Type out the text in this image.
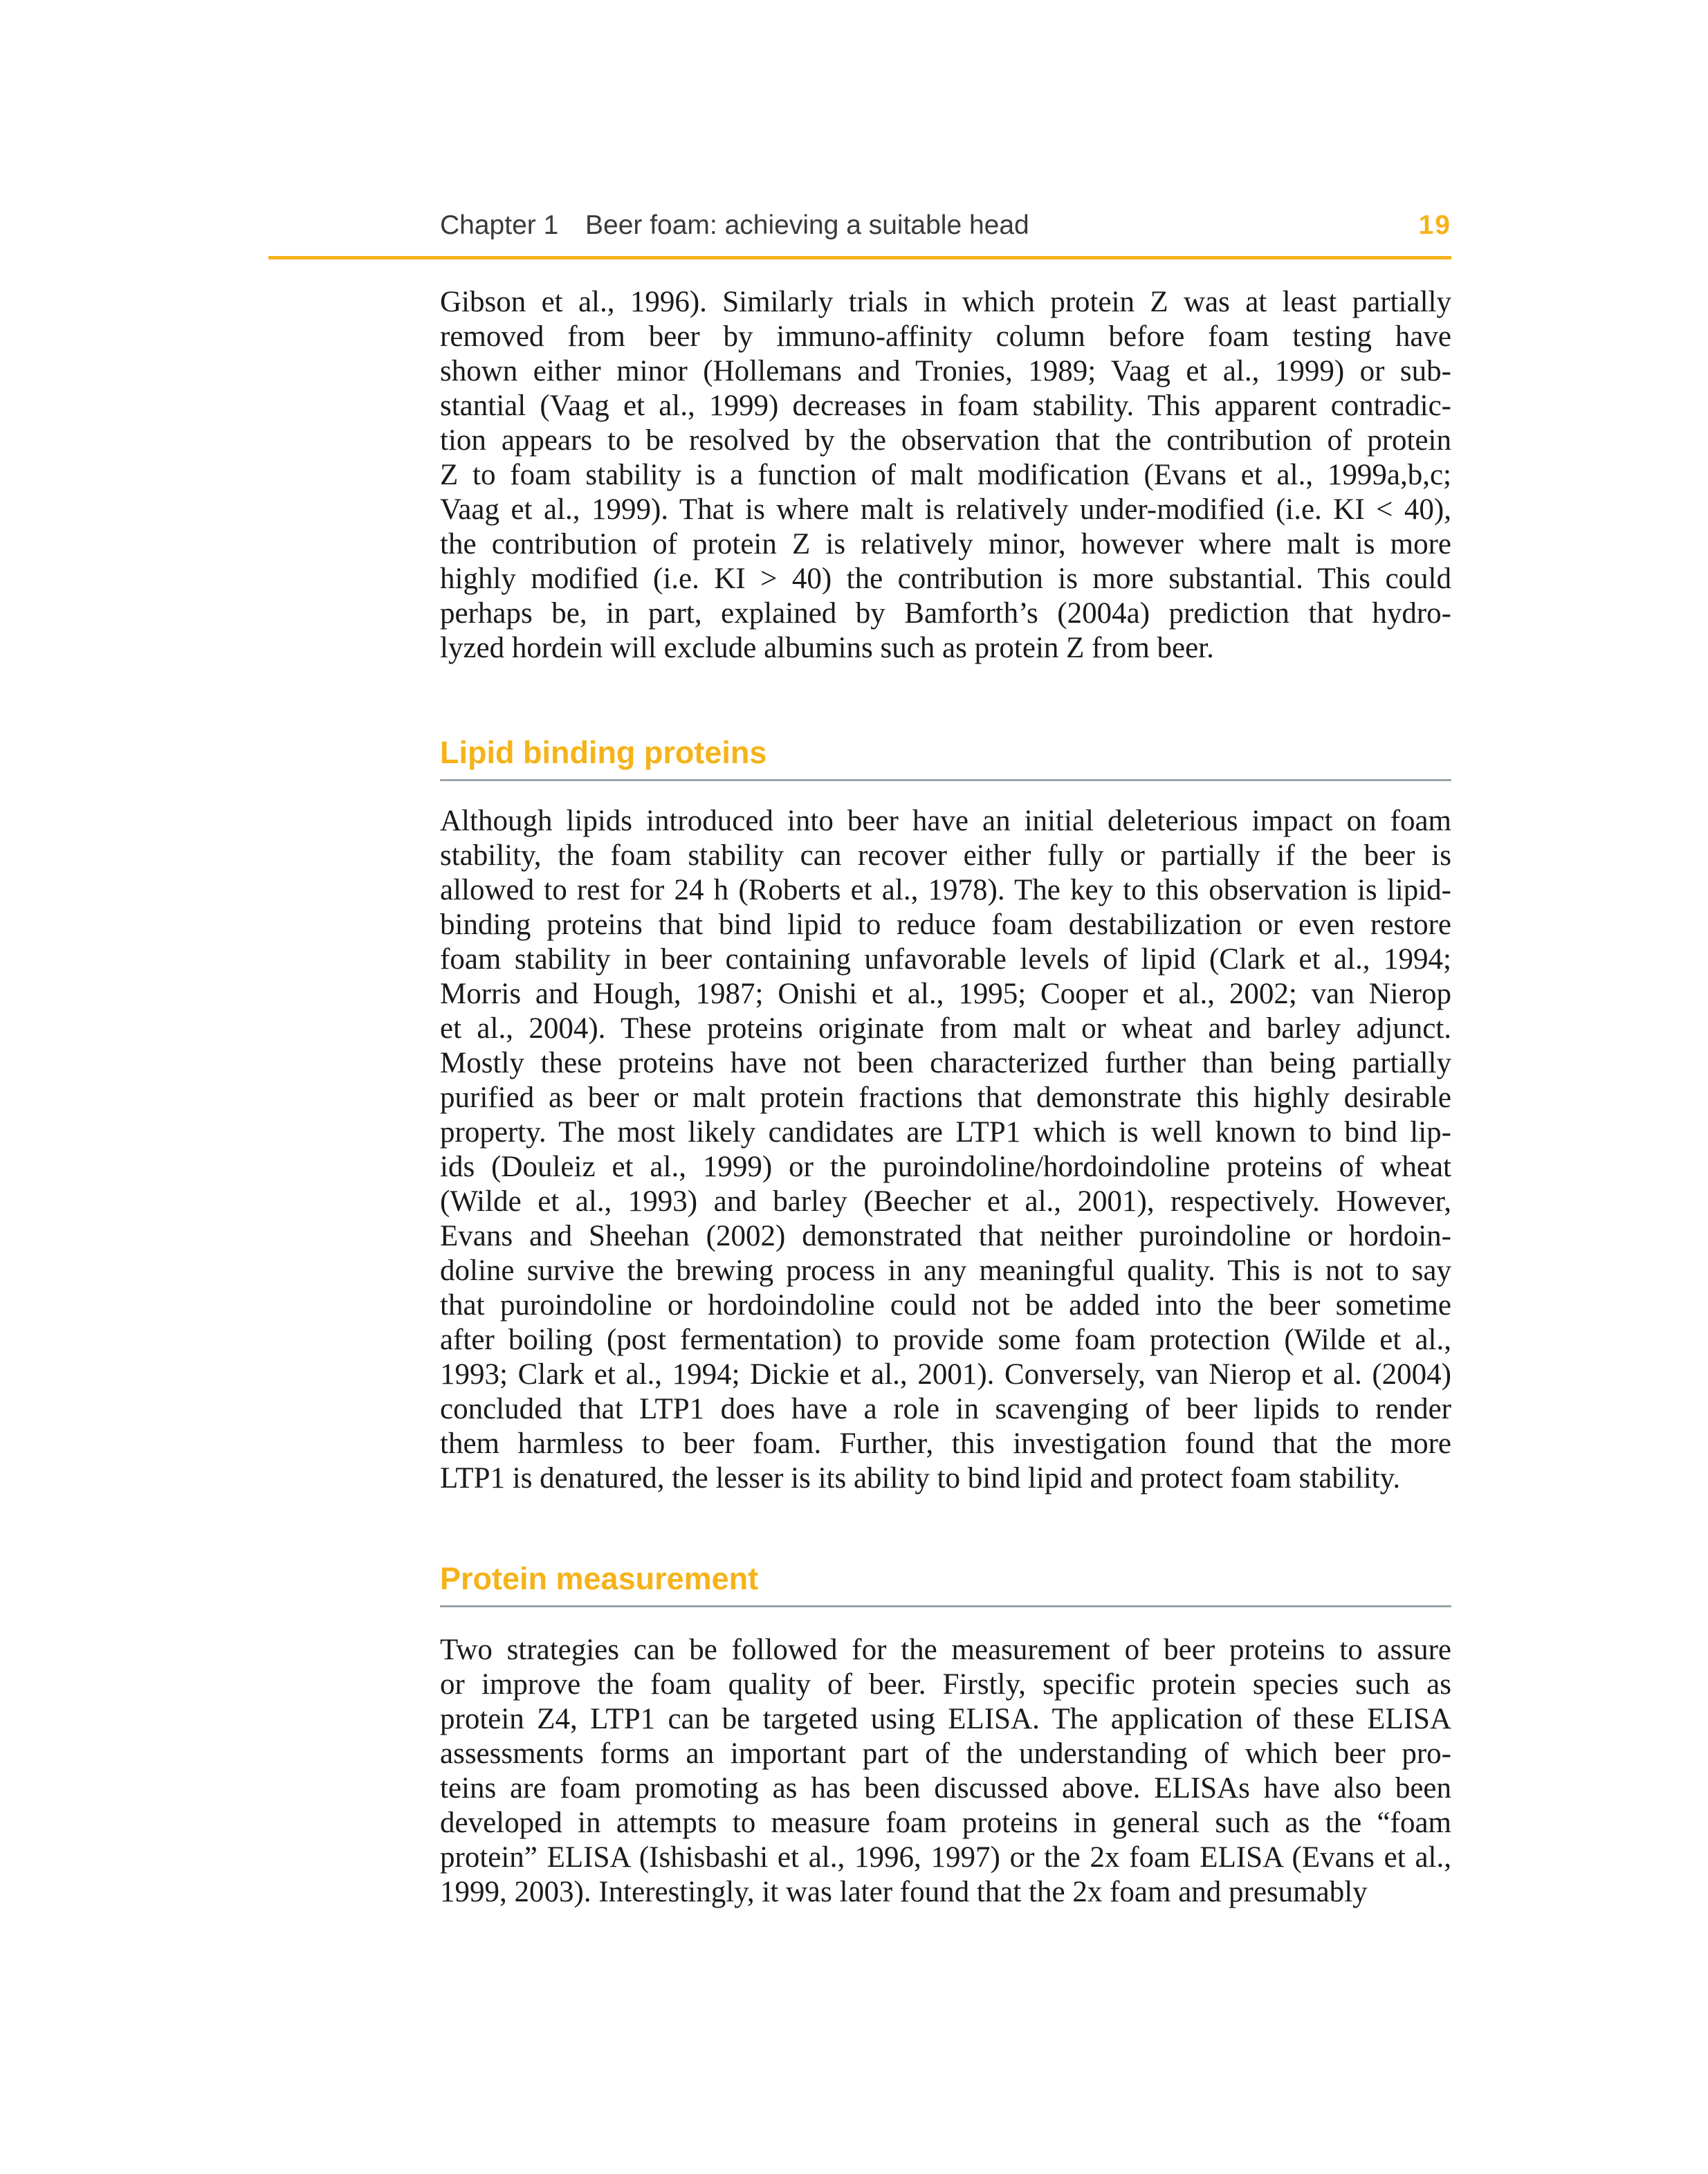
Chapter 1 Beer foam: achieving a suitable head	19
Gibson et al., 1996). Similarly trials in which protein Z was at least partially
removed from beer by immuno-affinity column before foam testing have
shown either minor (Hollemans and Tronies, 1989; Vaag et al., 1999) or sub-
stantial (Vaag et al., 1999) decreases in foam stability. This apparent contradic-
tion appears to be resolved by the observation that the contribution of protein
Z to foam stability is a function of malt modification (Evans et al., 1999a,b,c;
Vaag et al., 1999). That is where malt is relatively under-modified (i.e. KI < 40),
the contribution of protein Z is relatively minor, however where malt is more
highly modified (i.e. KI > 40) the contribution is more substantial. This could
perhaps be, in part, explained by Bamforth’s (2004a) prediction that hydro-
lyzed hordein will exclude albumins such as protein Z from beer.
Lipid binding proteins
Although lipids introduced into beer have an initial deleterious impact on foam
stability, the foam stability can recover either fully or partially if the beer is
allowed to rest for 24 h (Roberts et al., 1978). The key to this observation is lipid-
binding proteins that bind lipid to reduce foam destabilization or even restore
foam stability in beer containing unfavorable levels of lipid (Clark et al., 1994;
Morris and Hough, 1987; Onishi et al., 1995; Cooper et al., 2002; van Nierop
et al., 2004). These proteins originate from malt or wheat and barley adjunct.
Mostly these proteins have not been characterized further than being partially
purified as beer or malt protein fractions that demonstrate this highly desirable
property. The most likely candidates are LTP1 which is well known to bind lip-
ids (Douleiz et al., 1999) or the puroindoline/hordoindoline proteins of wheat
(Wilde et al., 1993) and barley (Beecher et al., 2001), respectively. However,
Evans and Sheehan (2002) demonstrated that neither puroindoline or hordoin-
doline survive the brewing process in any meaningful quality. This is not to say
that puroindoline or hordoindoline could not be added into the beer sometime
after boiling (post fermentation) to provide some foam protection (Wilde et al.,
1993; Clark et al., 1994; Dickie et al., 2001). Conversely, van Nierop et al. (2004)
concluded that LTP1 does have a role in scavenging of beer lipids to render
them harmless to beer foam. Further, this investigation found that the more
LTP1 is denatured, the lesser is its ability to bind lipid and protect foam stability.
Protein measurement
Two strategies can be followed for the measurement of beer proteins to assure
or improve the foam quality of beer. Firstly, specific protein species such as
protein Z4, LTP1 can be targeted using ELISA. The application of these ELISA
assessments forms an important part of the understanding of which beer pro-
teins are foam promoting as has been discussed above. ELISAs have also been
developed in attempts to measure foam proteins in general such as the “foam
protein” ELISA (Ishisbashi et al., 1996, 1997) or the 2x foam ELISA (Evans et al.,
1999, 2003). Interestingly, it was later found that the 2x foam and presumably
